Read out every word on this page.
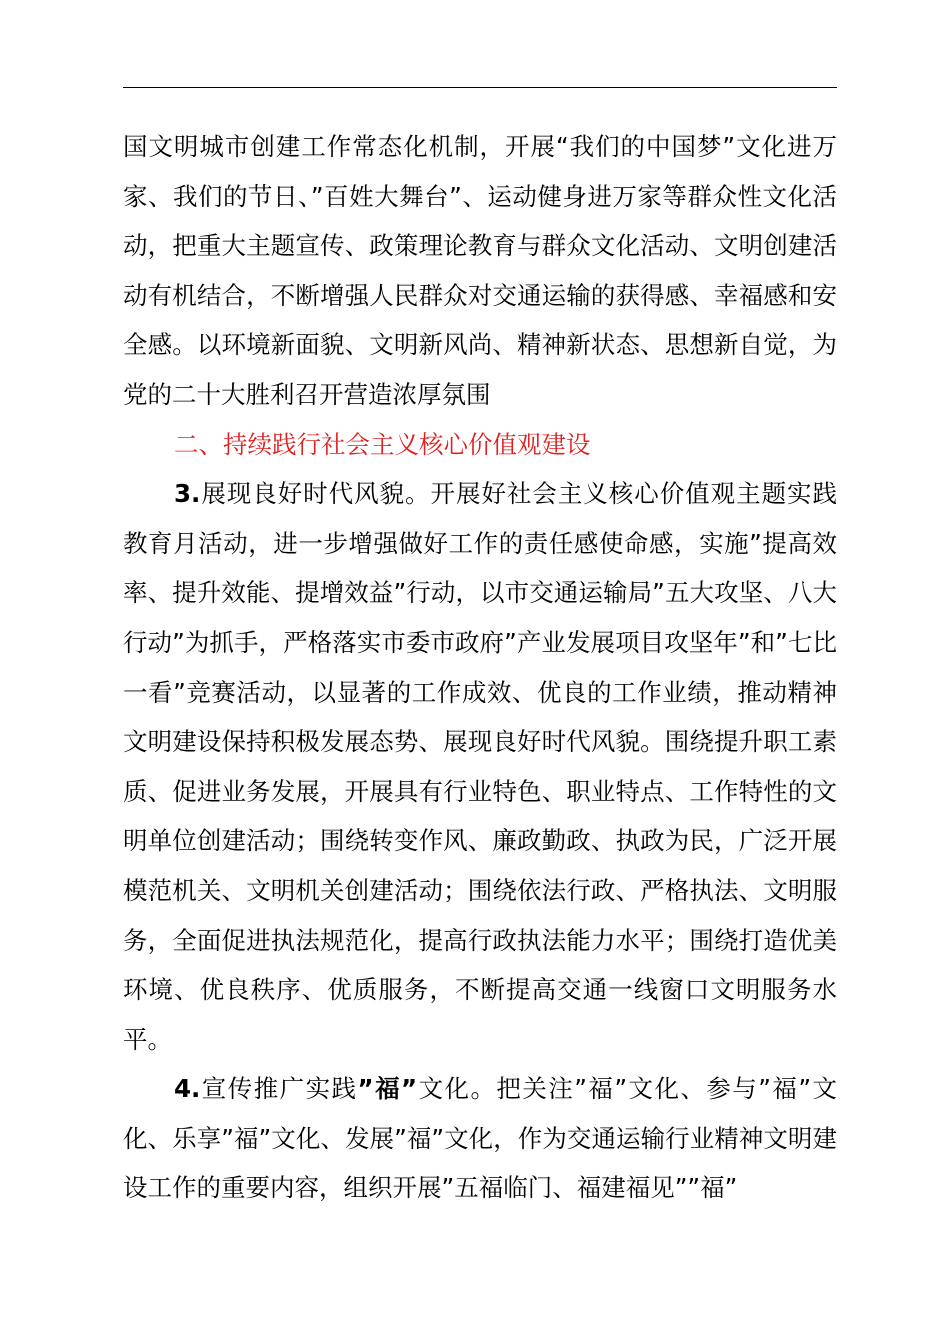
国文明城市创建工作常态化机制，开展“我们的中国梦”文化进万家、我们的节日、”百姓大舞台”、运动健身进万家等群众性文化活动，把重大主题宣传、政策理论教育与群众文化活动、文明创建活动有机结合，不断增强人民群众对交通运输的获得感、幸福感和安全感。以环境新面貌、文明新风尚、精神新状态、思想新自觉，为党的二十大胜利召开营造浓厚氛围

二、持续践行社会主义核心价值观建设

3.展现良好时代风貌。开展好社会主义核心价值观主题实践教育月活动，进一步增强做好工作的责任感使命感，实施”提高效率、提升效能、提增效益”行动，以市交通运输局”五大攻坚、八大行动”为抓手，严格落实市委市政府”产业发展项目攻坚年”和”七比一看”竞赛活动，以显著的工作成效、优良的工作业绩，推动精神文明建设保持积极发展态势、展现良好时代风貌。围绕提升职工素质、促进业务发展，开展具有行业特色、职业特点、工作特性的文明单位创建活动；围绕转变作风、廉政勤政、执政为民，广泛开展模范机关、文明机关创建活动；围绕依法行政、严格执法、文明服务，全面促进执法规范化，提高行政执法能力水平；围绕打造优美环境、优良秩序、优质服务，不断提高交通一线窗口文明服务水平。

4.宣传推广实践”福”文化。把关注”福”文化、参与”福”文化、乐享”福”文化、发展”福”文化，作为交通运输行业精神文明建设工作的重要内容，组织开展”五福临门、福建福见””福”
